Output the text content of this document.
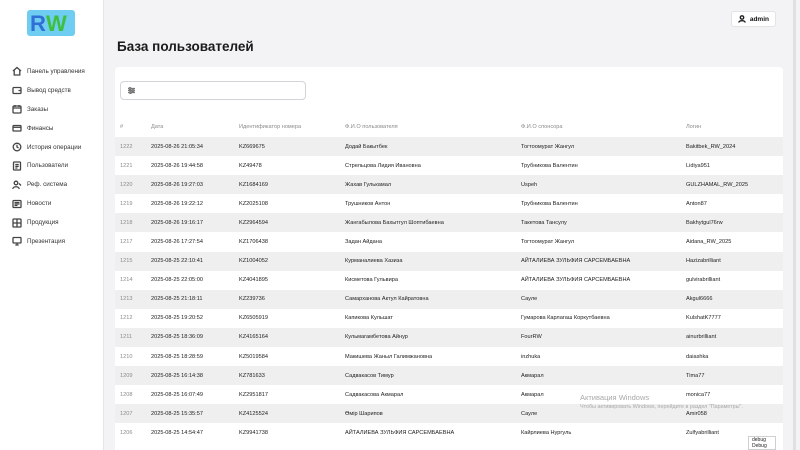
R W
Панель управления
Вывод средств
Заказы
Финансы
История операции
Пользователи
Реф. система
Новости
Продукция
Презентация
admin
База пользователей
#	Дата	Идентификатор номера	Ф.И.О пользователя	Ф.И.О спонсора	Логин
1222	2025-08-26 21:05:34	KZ669675	Додай Бакытбек	Тогтоомурат Жангул	Bakitbek_RW_2024
1221	2025-08-26 19:44:58	KZ49478	Стрельцова Лидия Ивановна	Трубникова Валентин	Lidiya951
1220	2025-08-26 19:27:03	KZ1684169	Жахав Гулькамал	Uspeh	GULZHAMAL_RW_2025
1219	2025-08-26 19:22:12	KZ2025108	Трушников Антон	Трубникова Валентин	Anton87
1218	2025-08-26 19:16:17	KZ2964594	Жангабылова Бахытгул Шоптибаевна	Такетова Тансулу	Bakhytgul76rw
1217	2025-08-26 17:27:54	KZ1706438	Задан Айдана	Тогтоомурат Жангул	Aidana_RW_2025
1215	2025-08-25 22:10:41	KZ1004052	Курманалиева Хазиза	АЙТАЛИЕВА ЗУЛЬФИЯ САРСЕМБАЕВНА	Hazizabrilliant
1214	2025-08-25 22:05:00	KZ4041895	Кисметова Гульвира	АЙТАЛИЕВА ЗУЛЬФИЯ САРСЕМБАЕВНА	gulvirabrilliant
1213	2025-08-25 21:18:11	KZ239736	Самарханова Актул Кайратовна	Сауле	Akgul6666
1212	2025-08-25 19:20:52	KZ6505919	Капикова Кульшат	Гумарова Карлагаш Коркутбаевна	KulshatK7777
1211	2025-08-25 18:36:09	KZ4165164	Кульмагамбетова Айнур	FourRW	ainurbrilliant
1210	2025-08-25 18:28:59	KZ5019584	Макишева Жаныл Галимжановна	inzhuka	daiashka
1209	2025-08-25 16:14:38	KZ781633	Садвакасов Тимур	Акмарал	Tima77
1208	2025-08-25 16:07:49	KZ2951817	Садвакасова Акмарал	Акмарал	monica77
1207	2025-08-25 15:35:57	KZ4125524	Өмір Шарипов	Сауле	Amir058
1206	2025-08-25 14:54:47	KZ9941738	АЙТАЛИЕВА ЗУЛЬФИЯ САРСЕМБАЕВНА	Кайрлиева Нургуль	Zulfyabrilliant
Активация Windows
Чтобы активировать Windows, перейдите в раздел "Параметры".
debug
Debug
